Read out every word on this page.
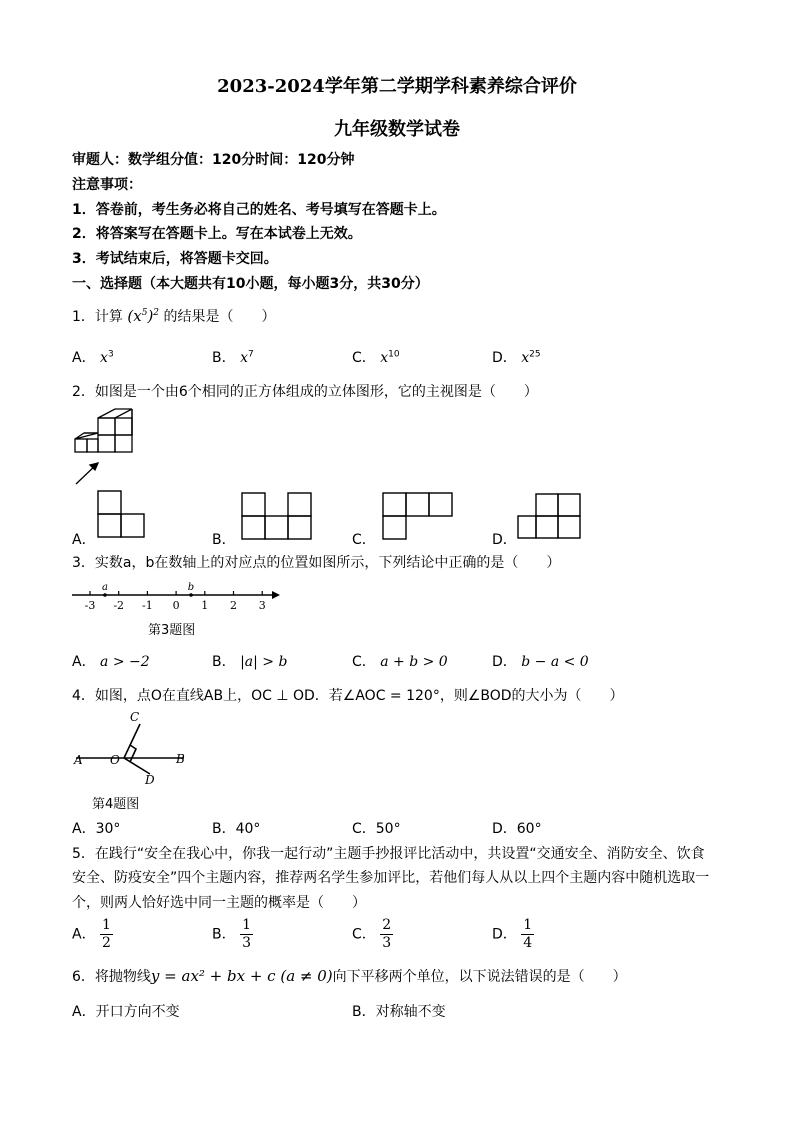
2023-2024学年第二学期学科素养综合评价
九年级数学试卷
审题人：数学组分值：120分时间：120分钟
注意事项：
1．答卷前，考生务必将自己的姓名、考号填写在答题卡上。
2．将答案写在答题卡上。写在本试卷上无效。
3．考试结束后，将答题卡交回。
一、选择题（本大题共有10小题，每小题3分，共30分）
1．计算 $(x^5)^2$ 的结果是（　　）
A． $x^3$	B． $x^7$	C． $x^{10}$	D． $x^{25}$
2．如图是一个由6个相同的正方体组成的立体图形，它的主视图是（　　）
A．	B．	C．	D．
3．实数a，b在数轴上的对应点的位置如图所示，下列结论中正确的是（　　）
-3 -2 -1 0 1 2 3
a	b
第3题图
A． a > −2	B． |a| > b	C． a + b > 0	D． b − a < 0
4．如图，点O在直线AB上，OC ⊥ OD．若∠AOC = 120°，则∠BOD的大小为（　　）
C
A O	B
D
第4题图
A．30°	B．40°	C．50°	D．60°
5．在践行“安全在我心中，你我一起行动”主题手抄报评比活动中，共设置“交通安全、消防安全、饮食
安全、防疫安全”四个主题内容，推荐两名学生参加评比，若他们每人从以上四个主题内容中随机选取一
个，则两人恰好选中同一主题的概率是（　　）
A． $\frac{1}{2}$	B． $\frac{1}{3}$	C． $\frac{2}{3}$	D． $\frac{1}{4}$
6．将抛物线y = ax² + bx + c (a ≠ 0)向下平移两个单位，以下说法错误的是（　　）
A．开口方向不变	B．对称轴不变
